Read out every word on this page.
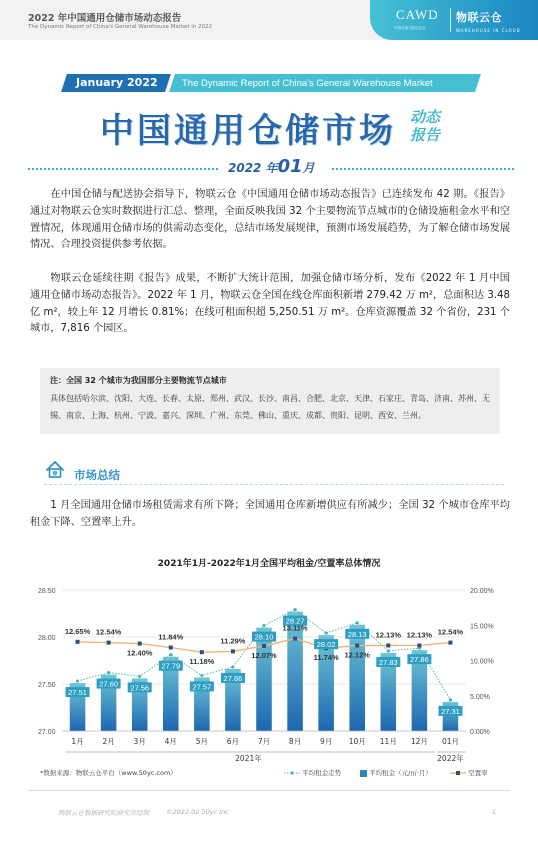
2022 年中国通用仓储市场动态报告
The Dynamic Report of China's General Warehouse Market in 2022
CAWD
中国仓储与配送协会
物联云仓
WAREHOUSE IN CLOUD
January 2022	The Dynamic Report of China's General Warehouse Market
中国通用仓储市场 动态
报告
2022 年01月
在中国仓储与配送协会指导下，物联云仓《中国通用仓储市场动态报告》已连续发布 42 期。《报告》通过对物联云仓实时数据进行汇总、整理，全面反映我国 32 个主要物流节点城市的仓储设施租金水平和空置情况，体现通用仓储市场的供需动态变化，总结市场发展规律，预测市场发展趋势，为了解仓储市场发展情况、合理投资提供参考依据。
物联云仓延续往期《报告》成果，不断扩大统计范围，加强仓储市场分析，发布《2022 年 1 月中国通用仓储市场动态报告》。2022 年 1 月，物联云仓全国在线仓库面积新增 279.42 万 m²，总面积达 3.48 亿 m²，较上年 12 月增长 0.81%；在线可租面积超 5,250.51 万 m²。仓库资源覆盖 32 个省份，231 个城市，7,816 个园区。
注：全国 32 个城市为我国部分主要物流节点城市
具体包括哈尔滨、沈阳、大连、长春、太原、郑州、武汉、长沙、南昌、合肥、北京、天津、石家庄、青岛、济南、苏州、无锡、南京、上海、杭州、宁波、嘉兴、深圳、广州、东莞、佛山、重庆、成都、贵阳、昆明、西安、兰州。
市场总结
1 月全国通用仓储市场租赁需求有所下降；全国通用仓库新增供应有所减少；全国 32 个城市仓库平均租金下降、空置率上升。
2021年1月-2022年1月全国平均租金/空置率总体情况
27.00
27.50
28.00
28.50
0.00%
5.00%
10.00%
15.00%
20.00%
27.51
27.60 27.56
27.79
27.57
27.66
28.10
28.27
28.02
28.13
27.83 27.86
27.31
12.65% 12.54%
12.40%
11.84%
11.18%
11.29%
12.07%
13.11%
11.74% 12.12%
12.13% 12.13% 12.54%
1月	2月	3月	4月	5月	6月	7月	8月	9月 10月 11月 12月 01月
2021年	2022年
*数据来源：物联云仓平台（www.50yc.com）	平均租金走势	平均租金（元/㎡·月）	空置率
物联云仓数据研究院研究及绘制	©2022.02 50yc Inc	1
